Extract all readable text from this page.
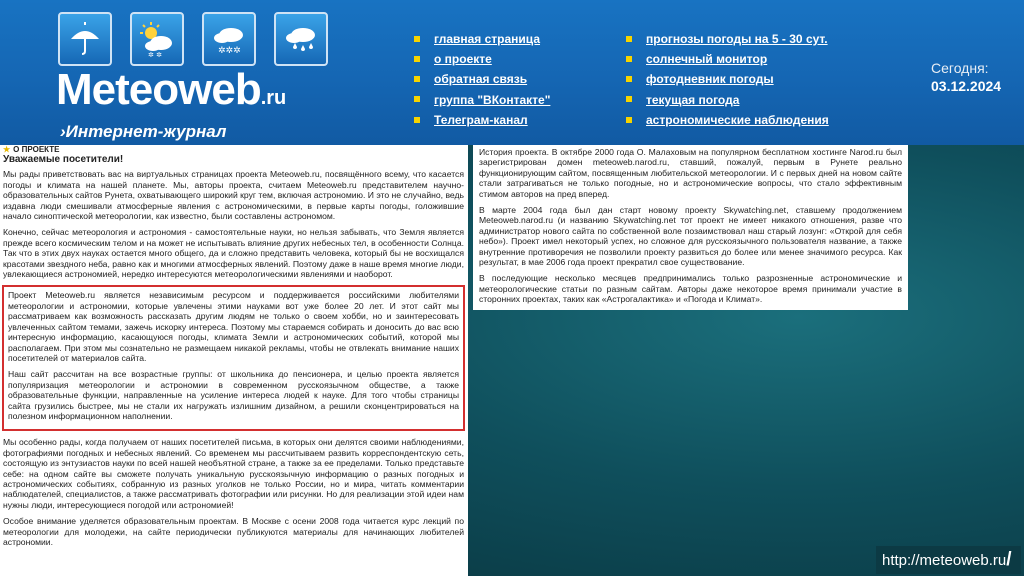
✲ ✲	✲✲✲
Meteoweb.ru
›Интернет-журнал
главная страница
о проекте
обратная связь
группа "ВКонтакте"
Телеграм-канал
прогнозы погоды на 5 - 30 сут.
солнечный монитор
фотодневник погоды
текущая погода
астрономические наблюдения
Сегодня:
03.12.2024
★ О ПРОЕКТЕ
Уважаемые посетители!

Мы рады приветствовать вас на виртуальных страницах проекта Meteoweb.ru, посвящённого всему, что касается погоды и климата на нашей планете. Мы, авторы проекта, считаем Meteoweb.ru представителем научно-образовательных сайтов Рунета, охватывающего широкий круг тем, включая астрономию. И это не случайно, ведь издавна люди смешивали атмосферные явления с астрономическими, в первые карты погоды, голожившие начало синоптической метеорологии, как известно, были составлены астрономом.

Конечно, сейчас метеорология и астрономия - самостоятельные науки, но нельзя забывать, что Земля является прежде всего космическим телом и на может не испытывать влияние других небесных тел, в особенности Солнца. Так что в этих двух науках остается много общего, да и сложно представить человека, который бы не восхищался красотами звездного неба, равно как и многими атмосферных явлений. Поэтому даже в наше время многие люди, увлекающиеся астрономией, нередко интересуются метеорологическими явлениями и наоборот.

Проект Meteoweb.ru является независимым ресурсом и поддерживается российскими любителями метеорологии и астрономии, которые увлечены этими науками вот уже более 20 лет. И этот сайт мы рассматриваем как возможность рассказать другим людям не только о своем хобби, но и заинтересовать увлеченных сайтом темами, зажечь искорку интереса. Поэтому мы стараемся собирать и доносить до вас всю интересную информацию, касающуюся погоды, климата Земли и астрономических событий, которой мы располагаем. При этом мы сознательно не размещаем никакой рекламы, чтобы не отвлекать внимание наших посетителей от материалов сайта.

Наш сайт рассчитан на все возрастные группы: от школьника до пенсионера, и целью проекта является популяризация метеорологии и астрономии в современном русскоязычном обществе, а также образовательные функции, направленные на усиление интереса людей к науке. Для того чтобы страницы сайта грузились быстрее, мы не стали их нагружать излишним дизайном, а решили сконцентрироваться на полезном информационном наполнении.

Мы особенно рады, когда получаем от наших посетителей письма, в которых они делятся своими наблюдениями, фотографиями погодных и небесных явлений. Со временем мы рассчитываем развить корреспондентскую сеть, состоящую из энтузиастов науки по всей нашей необъятной стране, а также за ее пределами. Только представьте себе: на одном сайте вы сможете получать уникальную русскоязычную информацию о разных погодных и астрономических событиях, собранную из разных уголков не только России, но и мира, читать комментарии наблюдателей, специалистов, а также рассматривать фотографии или рисунки. Но для реализации этой идеи нам нужны люди, интересующиеся погодой или астрономией!

Особое внимание уделяется образовательным проектам. В Москве с осени 2008 года читается курс лекций по метеорологии для молодежи, на сайте периодически публикуются материалы для начинающих любителей астрономии.

История проекта. В октябре 2000 года О. Малаховым на популярном бесплатном хостинге Narod.ru был зарегистрирован домен meteoweb.narod.ru, ставший, пожалуй, первым в Рунете реально функционирующим сайтом, посвященным любительской метеорологии. И с первых дней на новом сайте стали затрагиваться не только погодные, но и астрономические вопросы, что стало эффективным стимом авторов на пред вперед.

В марте 2004 года был дан старт новому проекту Skywatching.net, ставшему продолжением Meteoweb.narod.ru (и названию Skywatching.net тот проект не имеет никакого отношения, разве что администратор нового сайта по собственной воле позаимствовал наш старый лозунг: «Открой для себя небо»). Проект имел некоторый успех, но сложное для русскоязычного пользователя название, а также внутренние противоречия не позволили проекту развиться до более или менее значимого ресурса. Как результат, в мае 2006 года проект прекратил свое существование.

В последующие несколько месяцев предпринимались только разрозненные астрономические и метеорологические статьи по разным сайтам. Авторы даже некоторое время принимали участие в сторонних проектах, таких как «Астрогалактика» и «Погода и Климат».

http://meteoweb.ru/
